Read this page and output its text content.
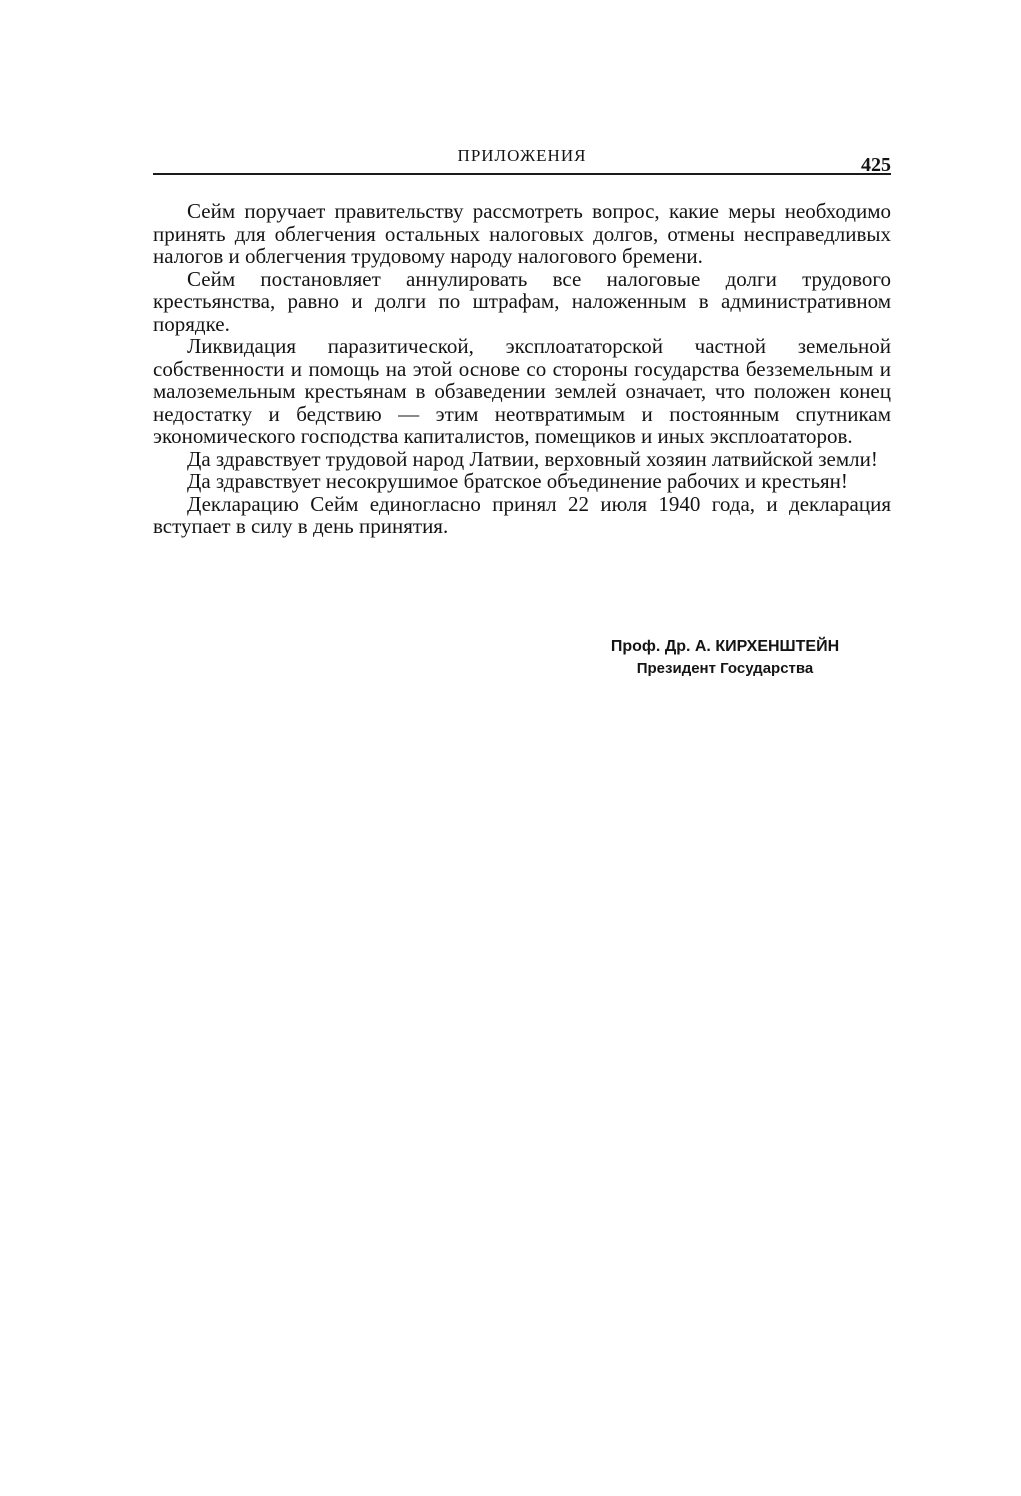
ПРИЛОЖЕНИЯ	425

Сейм поручает правительству рассмотреть вопрос, какие меры необходимо принять для облегчения остальных налоговых долгов, отмены несправедливых налогов и облегчения трудовому народу налогового бремени.

Сейм постановляет аннулировать все налоговые долги трудового крестьянства, равно и долги по штрафам, наложенным в административном порядке.

Ликвидация паразитической, эксплоататорской частной земельной собственности и помощь на этой основе со стороны государства безземельным и малоземельным крестьянам в обзаведении землей означает, что положен конец недостатку и бедствию — этим неотвратимым и постоянным спутникам экономического господства капиталистов, помещиков и иных эксплоататоров.

Да здравствует трудовой народ Латвии, верховный хозяин латвийской земли!

Да здравствует несокрушимое братское объединение рабочих и крестьян!

Декларацию Сейм единогласно принял 22 июля 1940 года, и декларация вступает в силу в день принятия.

Проф. Др. А. КИРХЕНШТЕЙН
Президент Государства
